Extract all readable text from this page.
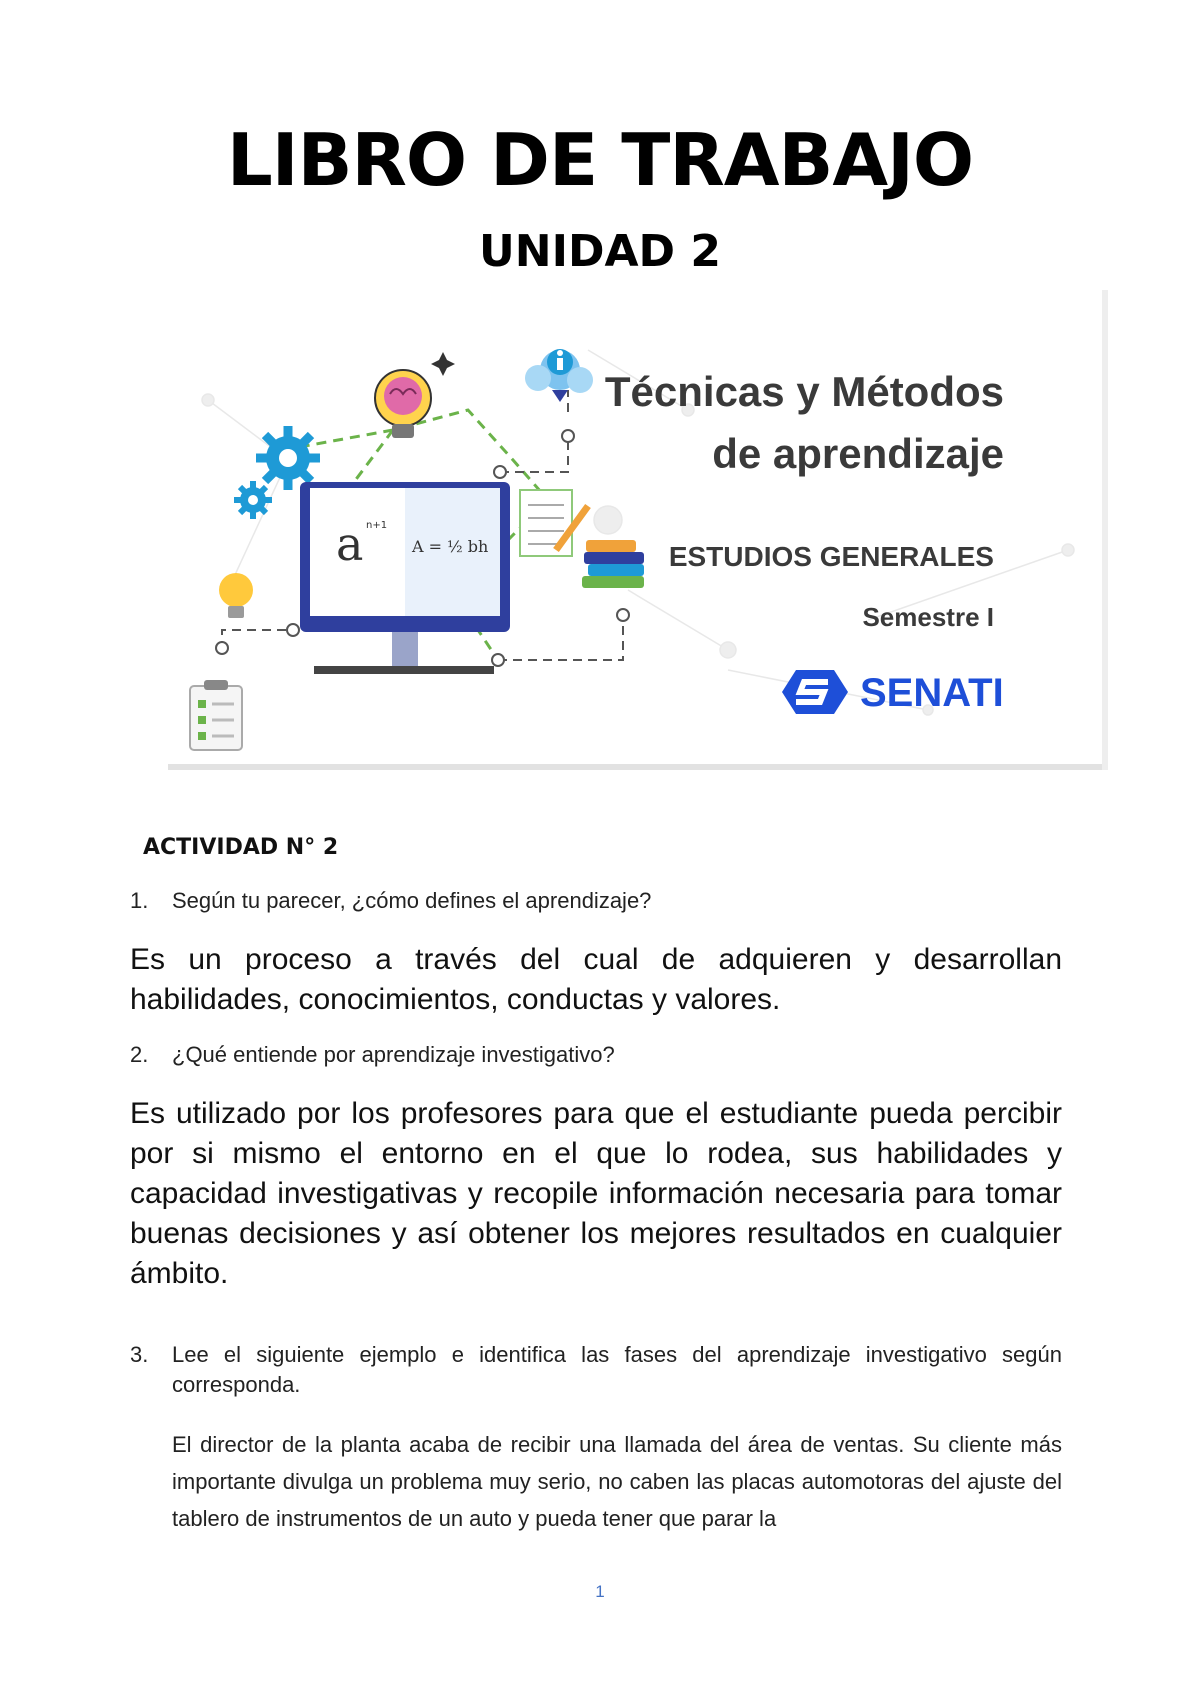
LIBRO DE TRABAJO
UNIDAD 2
a n+1
A = ½ bh
Técnicas y Métodos
de aprendizaje
ESTUDIOS GENERALES
Semestre I
SENATI
ACTIVIDAD N° 2
1. Según tu parecer, ¿cómo defines el aprendizaje?
Es un proceso a través del cual de adquieren y desarrollan habilidades, conocimientos, conductas y valores.
2. ¿Qué entiende por aprendizaje investigativo?
Es utilizado por los profesores para que el estudiante pueda percibir por si mismo el entorno en el que lo rodea, sus habilidades y capacidad investigativas y recopile información necesaria para tomar buenas decisiones y así obtener los mejores resultados en cualquier ámbito.
3. Lee el siguiente ejemplo e identifica las fases del aprendizaje investigativo según corresponda.
El director de la planta acaba de recibir una llamada del área de ventas. Su cliente más importante divulga un problema muy serio, no caben las placas automotoras del ajuste del tablero de instrumentos de un auto y pueda tener que parar la
1
